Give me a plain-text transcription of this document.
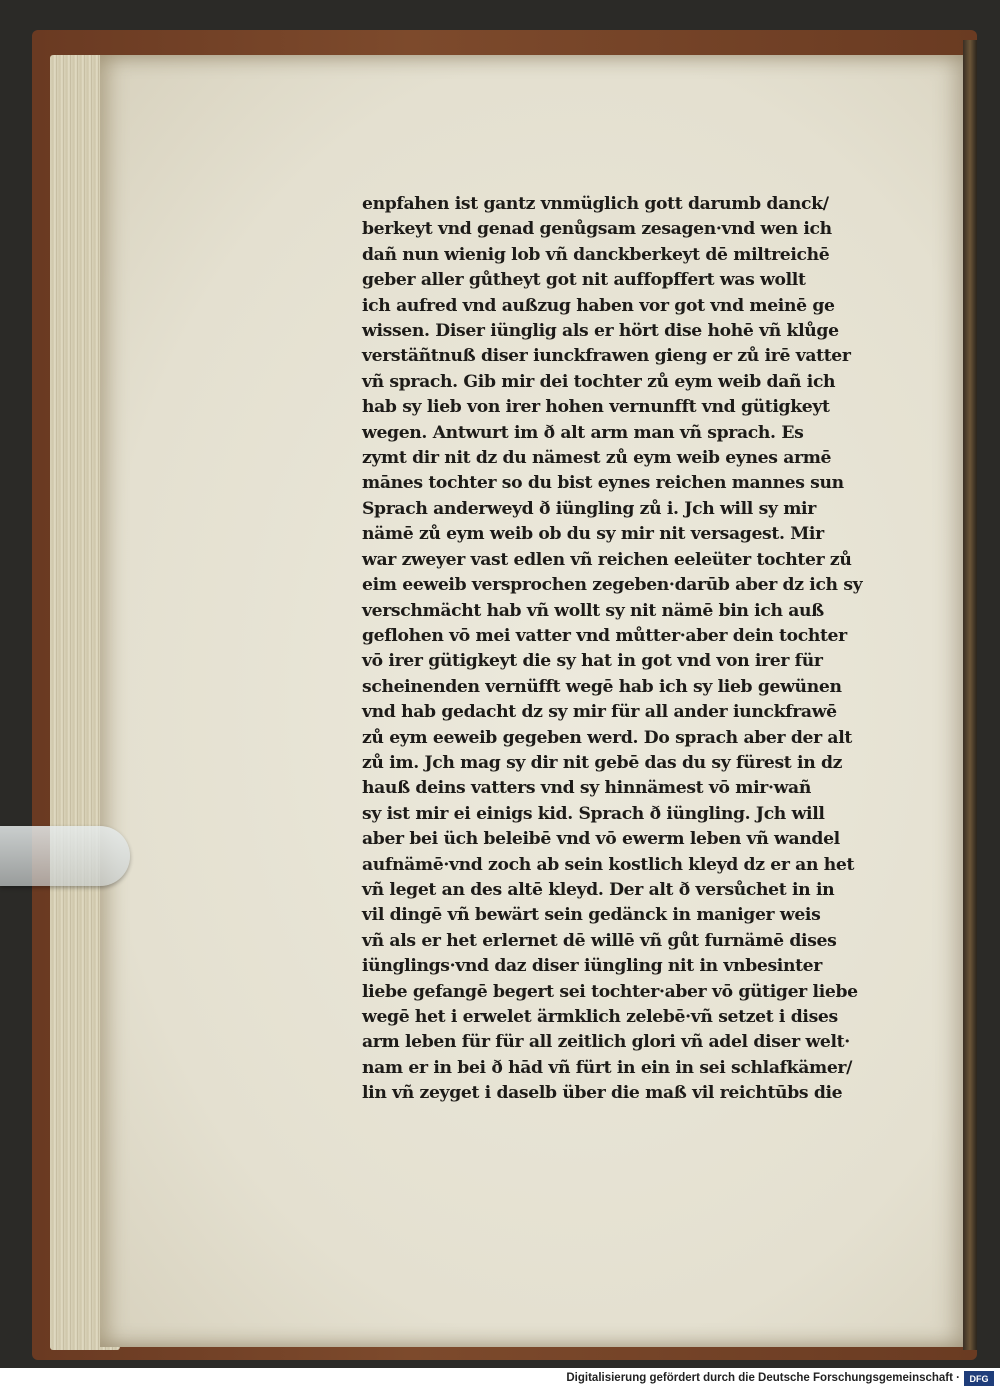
enpfahen ist gantz vnmüglich gott darumb danck/
berkeyt vnd genad genůgsam zesagen·vnd wen ich
dañ nun wienig lob vñ danckberkeyt dē miltreichē
geber aller gůtheyt got nit auffopffert was wollt
ich aufred vnd außzug haben vor got vnd meinē ge
wissen. Diser iünglig als er hört dise hohē vñ klůge
verstäñtnuß diser iunckfrawen gieng er zů irē vatter
vñ sprach. Gib mir dei tochter zů eym weib dañ ich
hab sy lieb von irer hohen vernunfft vnd gütigkeyt
wegen. Antwurt im ð alt arm man vñ sprach. Es
zymt dir nit dz du nämest zů eym weib eynes armē
mānes tochter so du bist eynes reichen mannes sun
Sprach anderweyd ð iüngling zů i. Jch will sy mir
nämē zů eym weib ob du sy mir nit versagest. Mir
war zweyer vast edlen vñ reichen eeleüter tochter zů
eim eeweib versprochen zegeben·darūb aber dz ich sy
verschmächt hab vñ wollt sy nit nämē bin ich auß
geflohen vō mei vatter vnd můtter·aber dein tochter
vō irer gütigkeyt die sy hat in got vnd von irer für
scheinenden vernüfft wegē hab ich sy lieb gewünen
vnd hab gedacht dz sy mir für all ander iunckfrawē
zů eym eeweib gegeben werd. Do sprach aber der alt
zů im. Jch mag sy dir nit gebē das du sy fürest in dz
hauß deins vatters vnd sy hinnämest vō mir·wañ
sy ist mir ei einigs kid. Sprach ð iüngling. Jch will
aber bei üch beleibē vnd vō ewerm leben vñ wandel
aufnämē·vnd zoch ab sein kostlich kleyd dz er an het
vñ leget an des altē kleyd. Der alt ð versůchet in in
vil dingē vñ bewärt sein gedänck in maniger weis
vñ als er het erlernet dē willē vñ gůt furnämē dises
iünglings·vnd daz diser iüngling nit in vnbesinter
liebe gefangē begert sei tochter·aber vō gütiger liebe
wegē het i erwelet ärmklich zelebē·vñ setzet i dises
arm leben für für all zeitlich glori vñ adel diser welt·
nam er in bei ð hād vñ fürt in ein in sei schlafkämer/
lin vñ zeyget i daselb über die maß vil reichtūbs die
Digitalisierung gefördert durch die Deutsche Forschungsgemeinschaft ·	DFG
